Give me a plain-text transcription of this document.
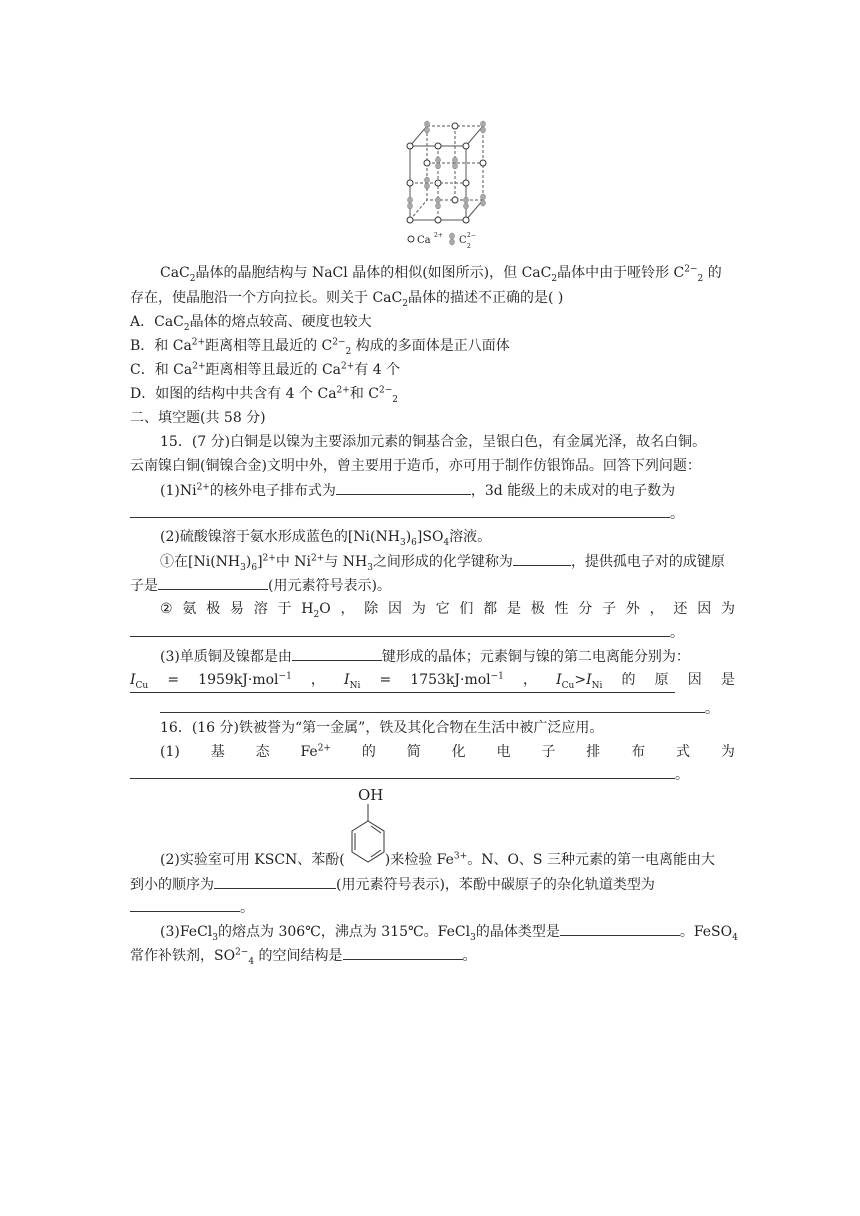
Ca 2+ C
2
2−
CaC$_2$晶体的晶胞结构与 NaCl 晶体的相似(如图所示)，但 CaC$_2$晶体中由于哑铃形 $C^{2-}_2$ 的
存在，使晶胞沿一个方向拉长。则关于 CaC$_2$晶体的描述不正确的是( )
A．CaC$_2$晶体的熔点较高、硬度也较大
B．和 $Ca^{2+}$距离相等且最近的 $C^{2-}_2$ 构成的多面体是正八面体
C．和 $Ca^{2+}$距离相等且最近的 $Ca^{2+}$有 4 个
D．如图的结构中共含有 4 个 $Ca^{2+}$和 $C^{2-}_2$
二、填空题(共 58 分)
15．(7 分)白铜是以镍为主要添加元素的铜基合金，呈银白色，有金属光泽，故名白铜。
云南镍白铜(铜镍合金)文明中外，曾主要用于造币，亦可用于制作仿银饰品。回答下列问题：
$(1)Ni^{2+}$的核外电子排布式为	，3d 能级上的未成对的电子数为
。
(2)硫酸镍溶于氨水形成蓝色的$[Ni(NH_3)_6]SO_4$溶液。
①在$[Ni(NH_3)_6]^{2+}$中 $Ni^{2+}$与 $NH_3$之间形成的化学键称为	，提供孤电子对的成键原
子是	(用元素符号表示)。
② 氨 极 易 溶 于 $H_2O$ ， 除 因 为 它 们 都 是 极 性 分 子 外 ， 还 因 为
。
(3)单质铜及镍都是由	键形成的晶体；元素铜与镍的第二电离能分别为：
$I_{Cu} = 1959kJ\cdot mol^{-1}$ ， $I_{Ni} = 1753kJ\cdot mol^{-1}$ ， $I_{Cu}>I_{Ni}$ 的 原 因 是
。
16．(16 分)铁被誉为“第一金属”，铁及其化合物在生活中被广泛应用。
(1) 基 态 $Fe^{2+}$ 的 简 化 电 子 排 布 式 为
。
OH
(2)实验室可用 KSCN、苯酚(	)来检验 $Fe^{3+}$。N、O、S 三种元素的第一电离能由大
到小的顺序为	(用元素符号表示)，苯酚中碳原子的杂化轨道类型为
。
(3)FeCl$_3$的熔点为 306℃，沸点为 315℃。FeCl$_3$的晶体类型是	。FeSO$_4$
常作补铁剂，$SO^{2-}_4$ 的空间结构是	。
